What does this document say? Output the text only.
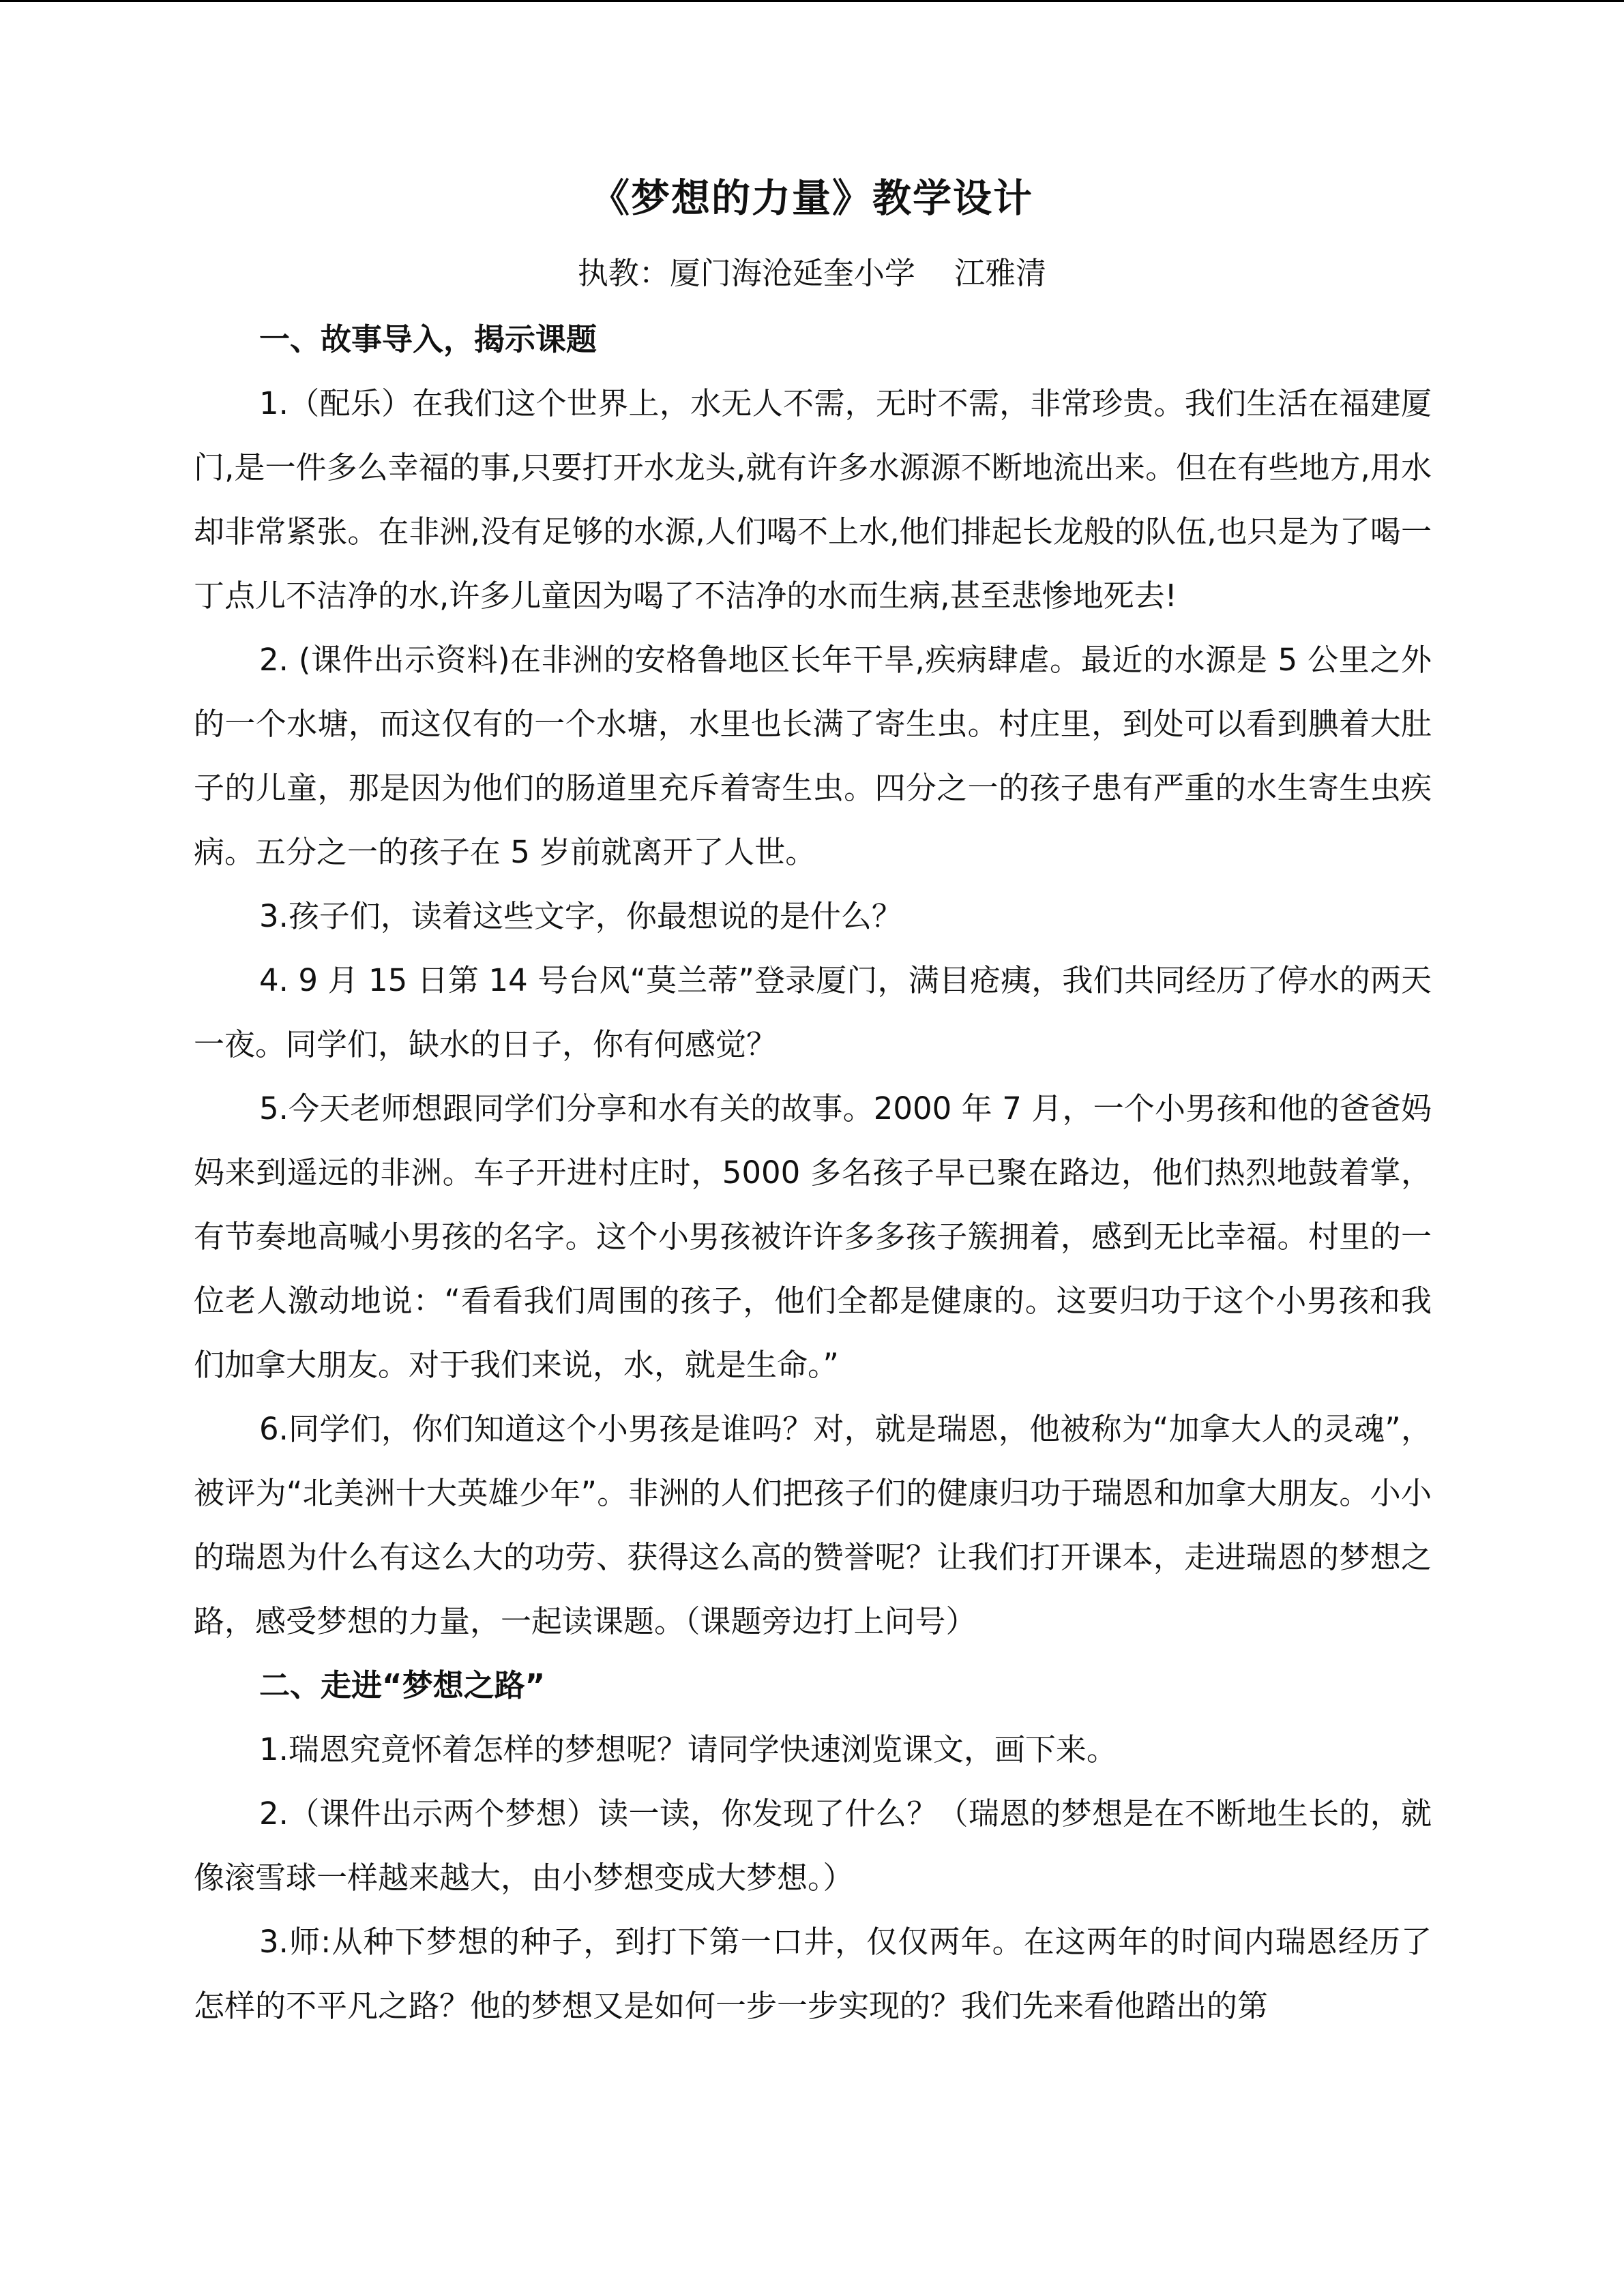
《梦想的力量》教学设计
执教：厦门海沧延奎小学 江雅清
一、故事导入，揭示课题

1.（配乐）在我们这个世界上，水无人不需，无时不需，非常珍贵。我们生活在福建厦门,是一件多么幸福的事,只要打开水龙头,就有许多水源源不断地流出来。但在有些地方,用水却非常紧张。在非洲,没有足够的水源,人们喝不上水,他们排起长龙般的队伍,也只是为了喝一丁点儿不洁净的水,许多儿童因为喝了不洁净的水而生病,甚至悲惨地死去!

2. (课件出示资料)在非洲的安格鲁地区长年干旱,疾病肆虐。最近的水源是 5 公里之外的一个水塘，而这仅有的一个水塘，水里也长满了寄生虫。村庄里，到处可以看到腆着大肚子的儿童，那是因为他们的肠道里充斥着寄生虫。四分之一的孩子患有严重的水生寄生虫疾病。五分之一的孩子在 5 岁前就离开了人世。

3.孩子们，读着这些文字，你最想说的是什么？

4. 9 月 15 日第 14 号台风“莫兰蒂”登录厦门，满目疮痍，我们共同经历了停水的两天一夜。同学们，缺水的日子，你有何感觉？

5.今天老师想跟同学们分享和水有关的故事。2000 年 7 月，一个小男孩和他的爸爸妈妈来到遥远的非洲。车子开进村庄时，5000 多名孩子早已聚在路边，他们热烈地鼓着掌，有节奏地高喊小男孩的名字。这个小男孩被许许多多孩子簇拥着，感到无比幸福。村里的一位老人激动地说：“看看我们周围的孩子，他们全都是健康的。这要归功于这个小男孩和我们加拿大朋友。对于我们来说，水，就是生命。”

6.同学们，你们知道这个小男孩是谁吗？对，就是瑞恩，他被称为“加拿大人的灵魂”，被评为“北美洲十大英雄少年”。非洲的人们把孩子们的健康归功于瑞恩和加拿大朋友。小小的瑞恩为什么有这么大的功劳、获得这么高的赞誉呢？让我们打开课本，走进瑞恩的梦想之路，感受梦想的力量，一起读课题。（课题旁边打上问号）

二、走进“梦想之路”

1.瑞恩究竟怀着怎样的梦想呢？请同学快速浏览课文，画下来。

2.（课件出示两个梦想）读一读，你发现了什么？（瑞恩的梦想是在不断地生长的，就像滚雪球一样越来越大，由小梦想变成大梦想。）

3.师:从种下梦想的种子，到打下第一口井，仅仅两年。在这两年的时间内瑞恩经历了怎样的不平凡之路？他的梦想又是如何一步一步实现的？我们先来看他踏出的第
